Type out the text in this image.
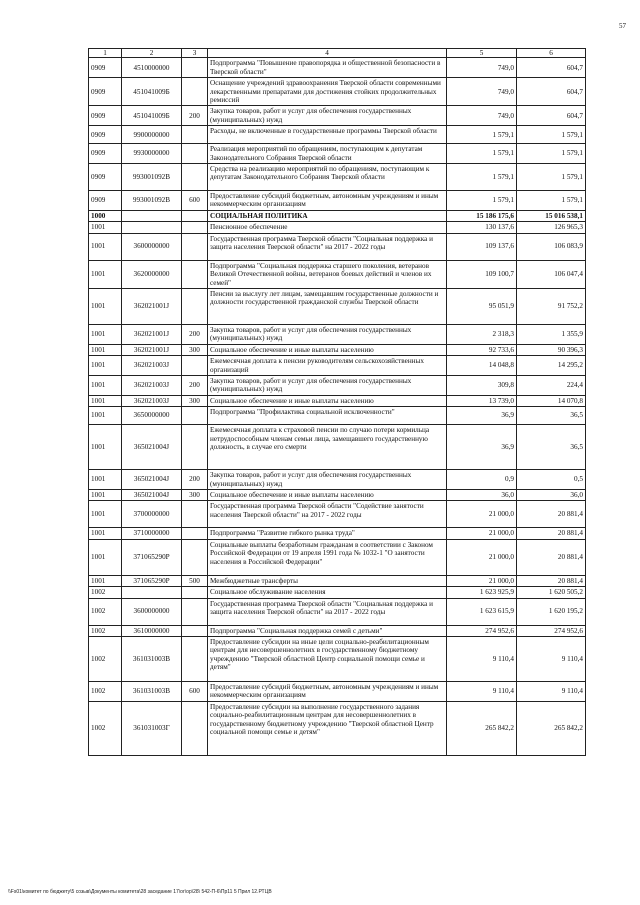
57
1	2	3	4	5	6
0909	4510000000		Подпрограмма "Повышение правопорядка и общественной безопасности в Тверской области"	749,0	604,7
0909	451041009Б		Оснащение учреждений здравоохранения Тверской области современными лекарственными препаратами для достижения стойких продолжительных ремиссий	749,0	604,7
0909	451041009Б	200	Закупка товаров, работ и услуг для обеспечения государственных (муниципальных) нужд	749,0	604,7
0909	9900000000		Расходы, не включенные в государственные программы Тверской области	1 579,1	1 579,1
0909	9930000000		Реализация мероприятий по обращениям, поступающим к депутатам Законодательного Собрания Тверской области	1 579,1	1 579,1
0909	993001092В		Средства на реализацию мероприятий по обращениям, поступающим к депутатам Законодательного Собрания Тверской области	1 579,1	1 579,1
0909	993001092В	600	Предоставление субсидий бюджетным, автономным учреждениям и иным некоммерческим организациям	1 579,1	1 579,1
1000			СОЦИАЛЬНАЯ ПОЛИТИКА	15 186 175,6	15 016 538,1
1001			Пенсионное обеспечение	130 137,6	126 965,3
1001	3600000000		Государственная программа Тверской области "Социальная поддержка и защита населения Тверской области" на 2017 - 2022 годы	109 137,6	106 083,9
1001	3620000000		Подпрограмма "Социальная поддержка старшего поколения, ветеранов Великой Отечественной войны, ветеранов боевых действий и членов их семей"	109 100,7	106 047,4
1001	362021001Ј		Пенсии за выслугу лет лицам, замещавшим государственные должности и должности государственной гражданской службы Тверской области	95 051,9	91 752,2
1001	362021001Ј	200	Закупка товаров, работ и услуг для обеспечения государственных (муниципальных) нужд	2 318,3	1 355,9
1001	362021001Ј	300	Социальное обеспечение и иные выплаты населению	92 733,6	90 396,3
1001	362021003Ј		Ежемесячная доплата к пенсии руководителям сельскохозяйственных организаций	14 048,8	14 295,2
1001	362021003Ј	200	Закупка товаров, работ и услуг для обеспечения государственных (муниципальных) нужд	309,8	224,4
1001	362021003Ј	300	Социальное обеспечение и иные выплаты населению	13 739,0	14 070,8
1001	3650000000		Подпрограмма "Профилактика социальной исключенности"	36,9	36,5
1001	365021004Ј		Ежемесячная доплата к страховой пенсии по случаю потери кормильца нетрудоспособным членам семьи лица, замещавшего государственную должность, в случае его смерти	36,9	36,5
1001	365021004Ј	200	Закупка товаров, работ и услуг для обеспечения государственных (муниципальных) нужд	0,9	0,5
1001	365021004Ј	300	Социальное обеспечение и иные выплаты населению	36,0	36,0
1001	3700000000		Государственная программа Тверской области "Содействие занятости населения Тверской области" на 2017 - 2022 годы	21 000,0	20 881,4
1001	3710000000		Подпрограмма "Развитие гибкого рынка труда"	21 000,0	20 881,4
1001	371065290Р		Социальные выплаты безработным гражданам в соответствии с Законом Российской Федерации от 19 апреля 1991 года № 1032-1 "О занятости населения в Российской Федерации"	21 000,0	20 881,4
1001	371065290Р	500	Межбюджетные трансферты	21 000,0	20 881,4
1002			Социальное обслуживание населения	1 623 925,9	1 620 505,2
1002	3600000000		Государственная программа Тверской области "Социальная поддержка и защита населения Тверской области" на 2017 - 2022 годы	1 623 615,9	1 620 195,2
1002	3610000000		Подпрограмма "Социальная поддержка семей с детьми"	274 952,6	274 952,6
1002	361031003В		Предоставление субсидии на иные цели социально-реабилитационным центрам для несовершеннолетних в государственному бюджетному учреждению "Тверской областной Центр социальной помощи семье и детям"	9 110,4	9 110,4
1002	361031003В	600	Предоставление субсидий бюджетным, автономным учреждениям и иным некоммерческим организациям	9 110,4	9 110,4
1002	361031003Г		Предоставление субсидии на выполнение государственного задания социально-реабилитационным центрам для несовершеннолетних в государственному бюджетному учреждению "Тверской областной Центр социальной помощи семье и детям"	265 842,2	265 842,2
\\Fs01\комитет по бюджету\5 созыв\Документы комитета\28 заседание 17\ог\ор\28\ 542-П-6\Пр11 5 Прил 12.РТЦВ
